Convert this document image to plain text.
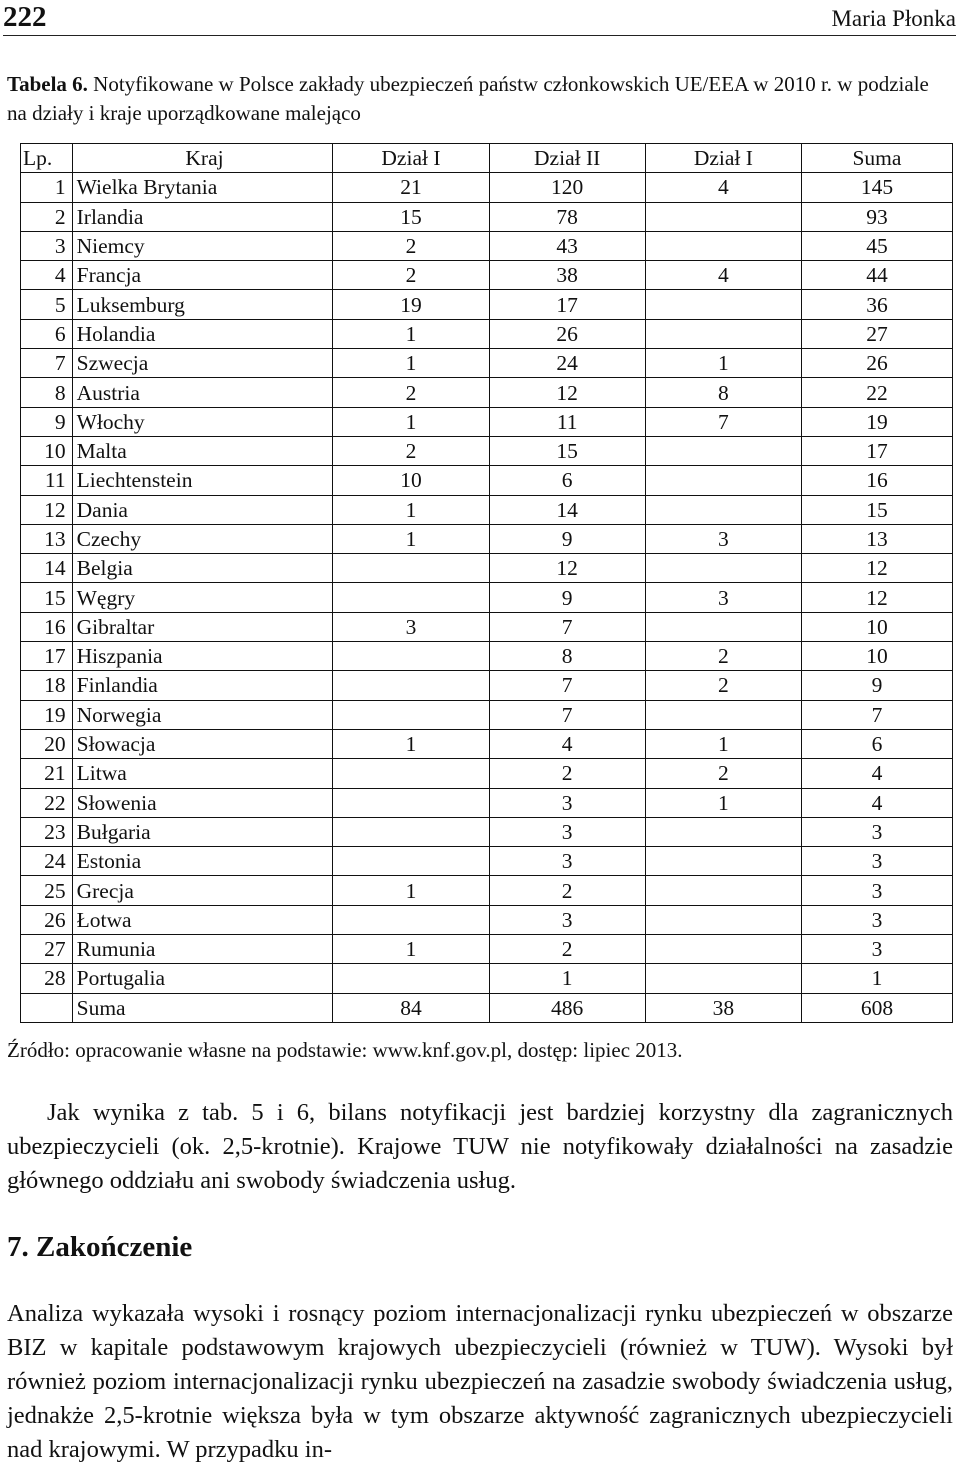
222	Maria Płonka
Tabela 6. Notyfikowane w Polsce zakłady ubezpieczeń państw członkowskich UE/EEA w 2010 r. w podziale na działy i kraje uporządkowane malejąco
Lp.	Kraj	Dział I	Dział II	Dział I	Suma
1	Wielka Brytania	21	120	4	145
2	Irlandia	15	78		93
3	Niemcy	2	43		45
4	Francja	2	38	4	44
5	Luksemburg	19	17		36
6	Holandia	1	26		27
7	Szwecja	1	24	1	26
8	Austria	2	12	8	22
9	Włochy	1	11	7	19
10	Malta	2	15		17
11	Liechtenstein	10	6		16
12	Dania	1	14		15
13	Czechy	1	9	3	13
14	Belgia		12		12
15	Węgry		9	3	12
16	Gibraltar	3	7		10
17	Hiszpania		8	2	10
18	Finlandia		7	2	9
19	Norwegia		7		7
20	Słowacja	1	4	1	6
21	Litwa		2	2	4
22	Słowenia		3	1	4
23	Bułgaria		3		3
24	Estonia		3		3
25	Grecja	1	2		3
26	Łotwa		3		3
27	Rumunia	1	2		3
28	Portugalia		1		1
	Suma	84	486	38	608
Źródło: opracowanie własne na podstawie: www.knf.gov.pl, dostęp: lipiec 2013.
Jak wynika z tab. 5 i 6, bilans notyfikacji jest bardziej korzystny dla zagranicznych ubezpieczycieli (ok. 2,5-krotnie). Krajowe TUW nie notyfikowały działalności na zasadzie głównego oddziału ani swobody świadczenia usług.
7. Zakończenie
Analiza wykazała wysoki i rosnący poziom internacjonalizacji rynku ubezpieczeń w obszarze BIZ w kapitale podstawowym krajowych ubezpieczycieli (również w TUW). Wysoki był również poziom internacjonalizacji rynku ubezpieczeń na zasadzie swobody świadczenia usług, jednakże 2,5-krotnie większa była w tym obszarze aktywność zagranicznych ubezpieczycieli nad krajowymi. W przypadku in-
